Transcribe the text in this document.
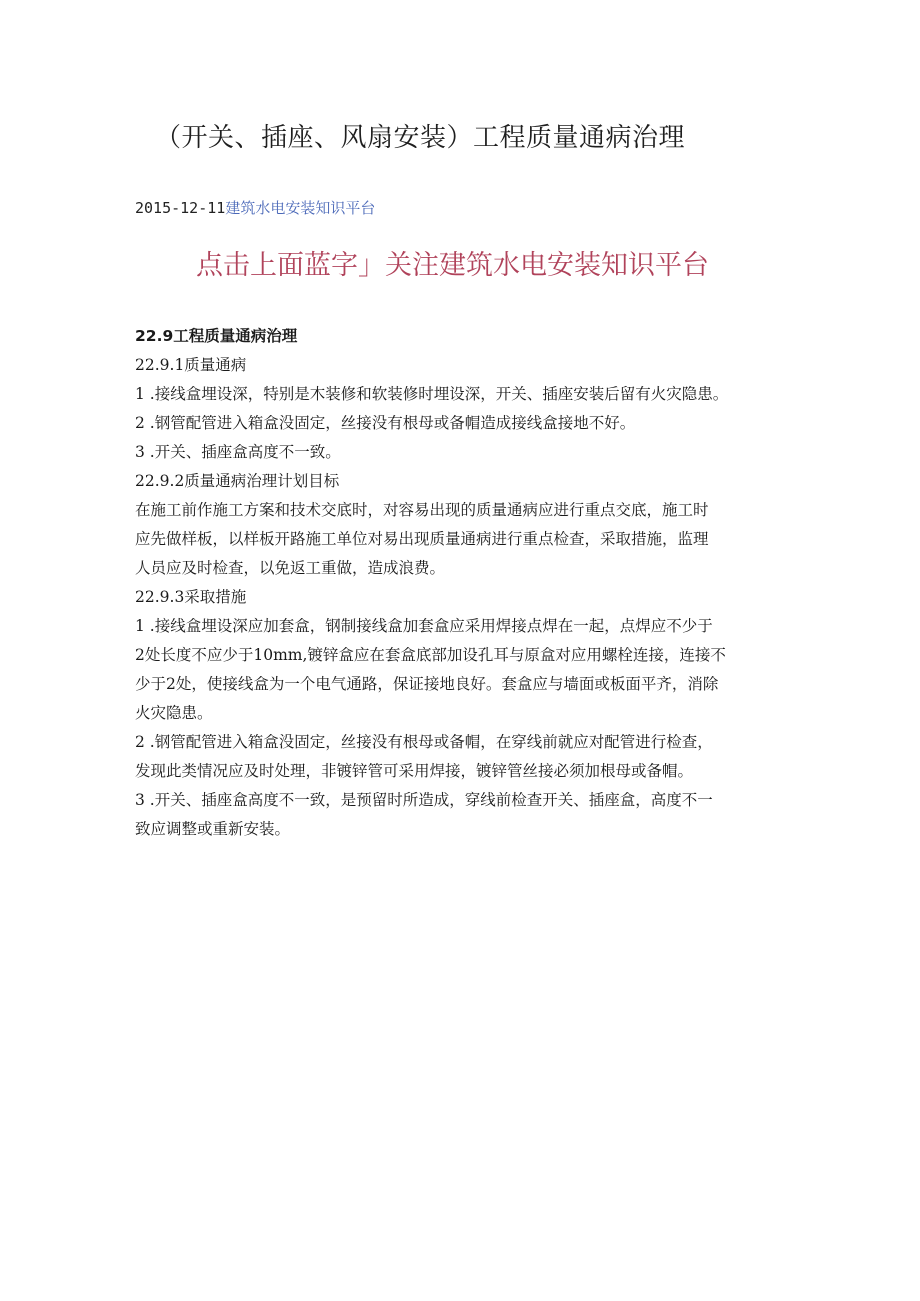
（开关、插座、风扇安装）工程质量通病治理
2015-12-11建筑水电安装知识平台
点击上面蓝字」关注建筑水电安装知识平台
22.9工程质量通病治理
22.9.1质量通病
1 .接线盒埋设深，特别是木装修和软装修时埋设深，开关、插座安装后留有火灾隐患。
2 .钢管配管进入箱盒没固定，丝接没有根母或备帽造成接线盒接地不好。
3 .开关、插座盒高度不一致。
22.9.2质量通病治理计划目标
在施工前作施工方案和技术交底时，对容易出现的质量通病应进行重点交底，施工时
应先做样板，以样板开路施工单位对易出现质量通病进行重点检查，采取措施，监理
人员应及时检查，以免返工重做，造成浪费。
22.9.3采取措施
1 .接线盒埋设深应加套盒，钢制接线盒加套盒应采用焊接点焊在一起，点焊应不少于
2处长度不应少于10mm,镀锌盒应在套盒底部加设孔耳与原盒对应用螺栓连接，连接不
少于2处，使接线盒为一个电气通路，保证接地良好。套盒应与墙面或板面平齐，消除
火灾隐患。
2 .钢管配管进入箱盒没固定，丝接没有根母或备帽，在穿线前就应对配管进行检查，
发现此类情况应及时处理，非镀锌管可采用焊接，镀锌管丝接必须加根母或备帽。
3 .开关、插座盒高度不一致，是预留时所造成，穿线前检查开关、插座盒，高度不一
致应调整或重新安装。
